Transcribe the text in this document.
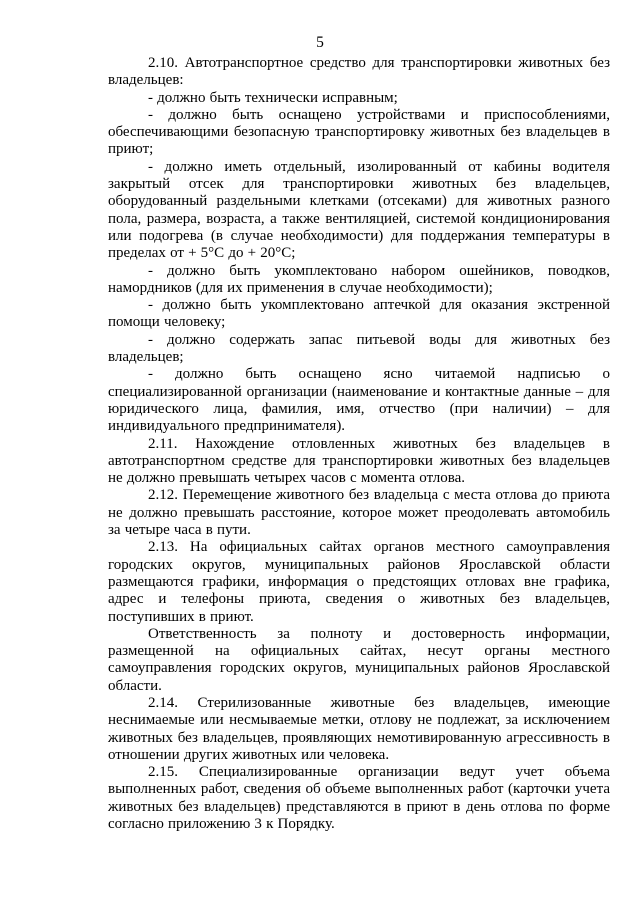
5

2.10. Автотранспортное средство для транспортировки животных без владельцев:

- должно быть технически исправным;

- должно быть оснащено устройствами и приспособлениями, обеспечивающими безопасную транспортировку животных без владельцев в приют;

- должно иметь отдельный, изолированный от кабины водителя закрытый отсек для транспортировки животных без владельцев, оборудованный раздельными клетками (отсеками) для животных разного пола, размера, возраста, а также вентиляцией, системой кондиционирования или подогрева (в случае необходимости) для поддержания температуры в пределах от + 5°С до + 20°С;

- должно быть укомплектовано набором ошейников, поводков, намордников (для их применения в случае необходимости);

- должно быть укомплектовано аптечкой для оказания экстренной помощи человеку;

- должно содержать запас питьевой воды для животных без владельцев;

- должно быть оснащено ясно читаемой надписью о специализированной организации (наименование и контактные данные – для юридического лица, фамилия, имя, отчество (при наличии) – для индивидуального предпринимателя).

2.11. Нахождение отловленных животных без владельцев в автотранспортном средстве для транспортировки животных без владельцев не должно превышать четырех часов с момента отлова.

2.12. Перемещение животного без владельца с места отлова до приюта не должно превышать расстояние, которое может преодолевать автомобиль за четыре часа в пути.

2.13. На официальных сайтах органов местного самоуправления городских округов, муниципальных районов Ярославской области размещаются графики, информация о предстоящих отловах вне графика, адрес и телефоны приюта, сведения о животных без владельцев, поступивших в приют.

Ответственность за полноту и достоверность информации, размещенной на официальных сайтах, несут органы местного самоуправления городских округов, муниципальных районов Ярославской области.

2.14. Стерилизованные животные без владельцев, имеющие неснимаемые или несмываемые метки, отлову не подлежат, за исключением животных без владельцев, проявляющих немотивированную агрессивность в отношении других животных или человека.

2.15. Специализированные организации ведут учет объема выполненных работ, сведения об объеме выполненных работ (карточки учета животных без владельцев) представляются в приют в день отлова по форме согласно приложению 3 к Порядку.
